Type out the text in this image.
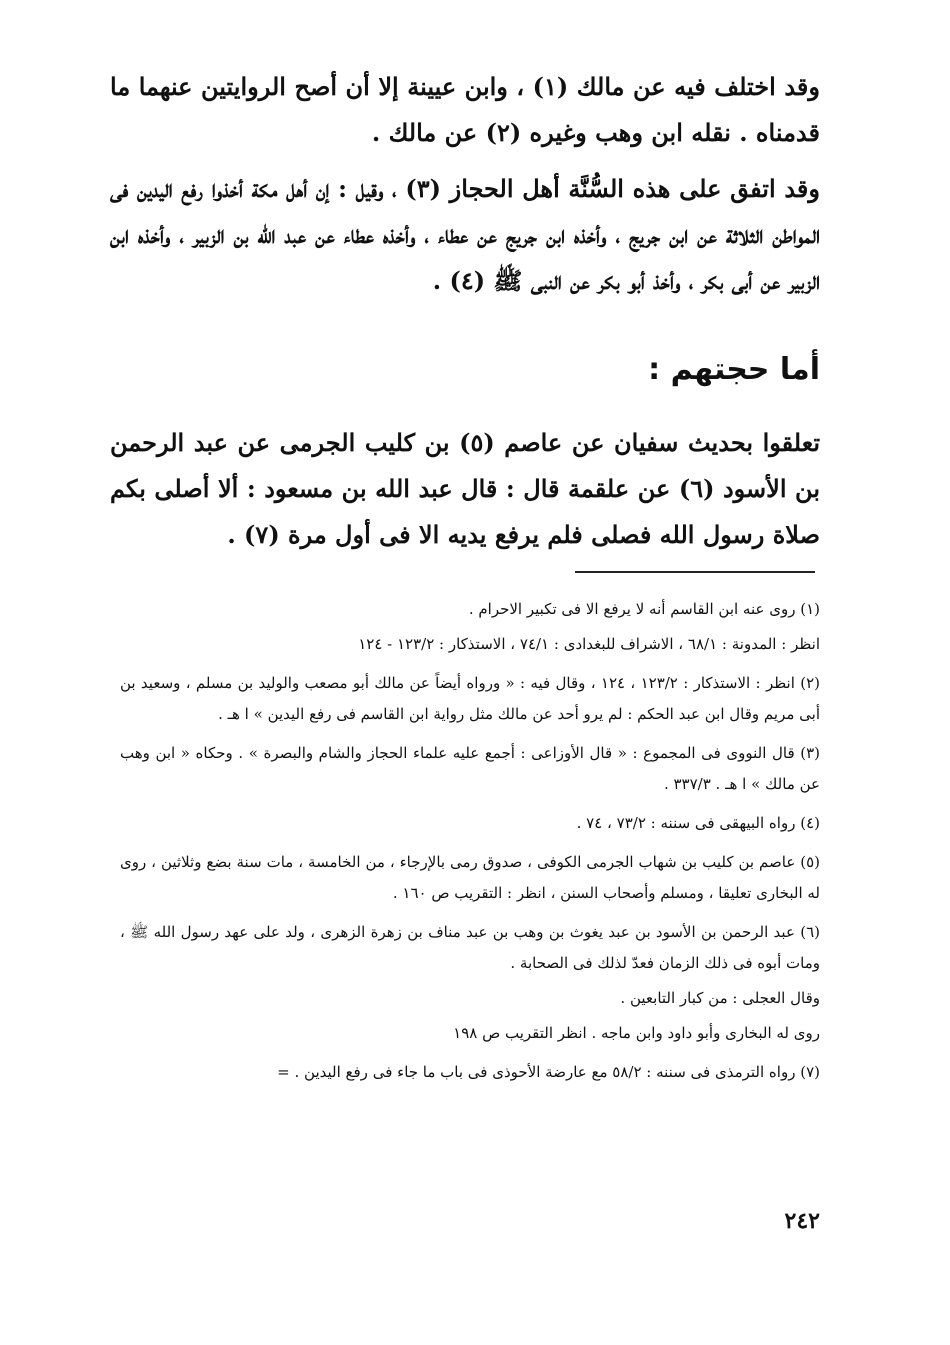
وقد اختلف فيه عن مالك (١) ، وابن عيينة إلا أن أصح الروايتين عنهما ما قدمناه . نقله ابن وهب وغيره (٢) عن مالك .

وقد اتفق على هذه السُّنَّة أهل الحجاز (٣) ، وقيل : إن أهل مكة أخذوا رفع اليدين فى المواطن الثلاثة عن ابن جريج ، وأخذه ابن جريج عن عطاء ، وأخذه عطاء عن عبد الله بن الزبير ، وأخذه ابن الزبير عن أبى بكر ، وأخذ أبو بكر عن النبى ﷺ (٤) .

أما حجتهم :

تعلقوا بحديث سفيان عن عاصم (٥) بن كليب الجرمى عن عبد الرحمن بن الأسود (٦) عن علقمة قال : قال عبد الله بن مسعود : ألا أصلى بكم صلاة رسول الله فصلى فلم يرفع يديه الا فى أول مرة (٧) .

(١) روى عنه ابن القاسم أنه لا يرفع الا فى تكبير الاحرام .

انظر : المدونة : ٦٨/١ ، الاشراف للبغدادى : ٧٤/١ ، الاستذكار : ١٢٣/٢ - ١٢٤

(٢) انظر : الاستذكار : ١٢٣/٢ ، ١٢٤ ، وقال فيه : « ورواه أيضاً عن مالك أبو مصعب والوليد بن مسلم ، وسعيد بن أبى مريم وقال ابن عبد الحكم : لم يرو أحد عن مالك مثل رواية ابن القاسم فى رفع اليدين » ا هـ .

(٣) قال النووى فى المجموع : « قال الأوزاعى : أجمع عليه علماء الحجاز والشام والبصرة » . وحكاه « ابن وهب عن مالك » ا هـ . ٣٣٧/٣ .

(٤) رواه البيهقى فى سننه : ٧٣/٢ ، ٧٤ .

(٥) عاصم بن كليب بن شهاب الجرمى الكوفى ، صدوق رمى بالإرجاء ، من الخامسة ، مات سنة بضع وثلاثين ، روى له البخارى تعليقا ، ومسلم وأصحاب السنن ، انظر : التقريب ص ١٦٠ .

(٦) عبد الرحمن بن الأسود بن عبد يغوث بن وهب بن عبد مناف بن زهرة الزهرى ، ولد على عهد رسول الله ﷺ ، ومات أبوه فى ذلك الزمان فعدّ لذلك فى الصحابة .

وقال العجلى : من كبار التابعين .

روى له البخارى وأبو داود وابن ماجه . انظر التقريب ص ١٩٨

(٧) رواه الترمذى فى سننه : ٥٨/٢ مع عارضة الأحوذى فى باب ما جاء فى رفع اليدين . =

٢٤٢
